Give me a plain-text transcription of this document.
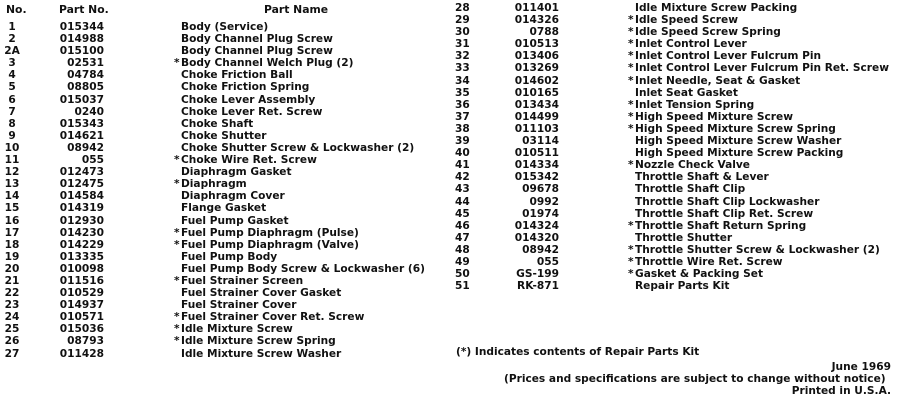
No.	Part No.	Part Name
1	015344	Body (Service)
2	014988	Body Channel Plug Screw
2A	015100	Body Channel Plug Screw
3	02531	* Body Channel Welch Plug (2)
4	04784	Choke Friction Ball
5	08805	Choke Friction Spring
6	015037	Choke Lever Assembly
7	0240	Choke Lever Ret. Screw
8	015343	Choke Shaft
9	014621	Choke Shutter
10	08942	Choke Shutter Screw & Lockwasher (2)
11	055	* Choke Wire Ret. Screw
12	012473	Diaphragm Gasket
13	012475	* Diaphragm
14	014584	Diaphragm Cover
15	014319	Flange Gasket
16	012930	Fuel Pump Gasket
17	014230	* Fuel Pump Diaphragm (Pulse)
18	014229	* Fuel Pump Diaphragm (Valve)
19	013335	Fuel Pump Body
20	010098	Fuel Pump Body Screw & Lockwasher (6)
21	011516	* Fuel Strainer Screen
22	010529	Fuel Strainer Cover Gasket
23	014937	Fuel Strainer Cover
24	010571	* Fuel Strainer Cover Ret. Screw
25	015036	* Idle Mixture Screw
26	08793	* Idle Mixture Screw Spring
27	011428	Idle Mixture Screw Washer
28	011401	Idle Mixture Screw Packing
29	014326	* Idle Speed Screw
30	0788	* Idle Speed Screw Spring
31	010513	* Inlet Control Lever
32	013406	* Inlet Control Lever Fulcrum Pin
33	013269	* Inlet Control Lever Fulcrum Pin Ret. Screw
34	014602	* Inlet Needle, Seat & Gasket
35	010165	Inlet Seat Gasket
36	013434	* Inlet Tension Spring
37	014499	* High Speed Mixture Screw
38	011103	* High Speed Mixture Screw Spring
39	03114	High Speed Mixture Screw Washer
40	010511	High Speed Mixture Screw Packing
41	014334	* Nozzle Check Valve
42	015342	Throttle Shaft & Lever
43	09678	Throttle Shaft Clip
44	0992	Throttle Shaft Clip Lockwasher
45	01974	Throttle Shaft Clip Ret. Screw
46	014324	* Throttle Shaft Return Spring
47	014320	Throttle Shutter
48	08942	* Throttle Shutter Screw & Lockwasher (2)
49	055	* Throttle Wire Ret. Screw
50	GS-199	* Gasket & Packing Set
51	RK-871	Repair Parts Kit
(*) Indicates contents of Repair Parts Kit
June 1969
(Prices and specifications are subject to change without notice)
Printed in U.S.A.
